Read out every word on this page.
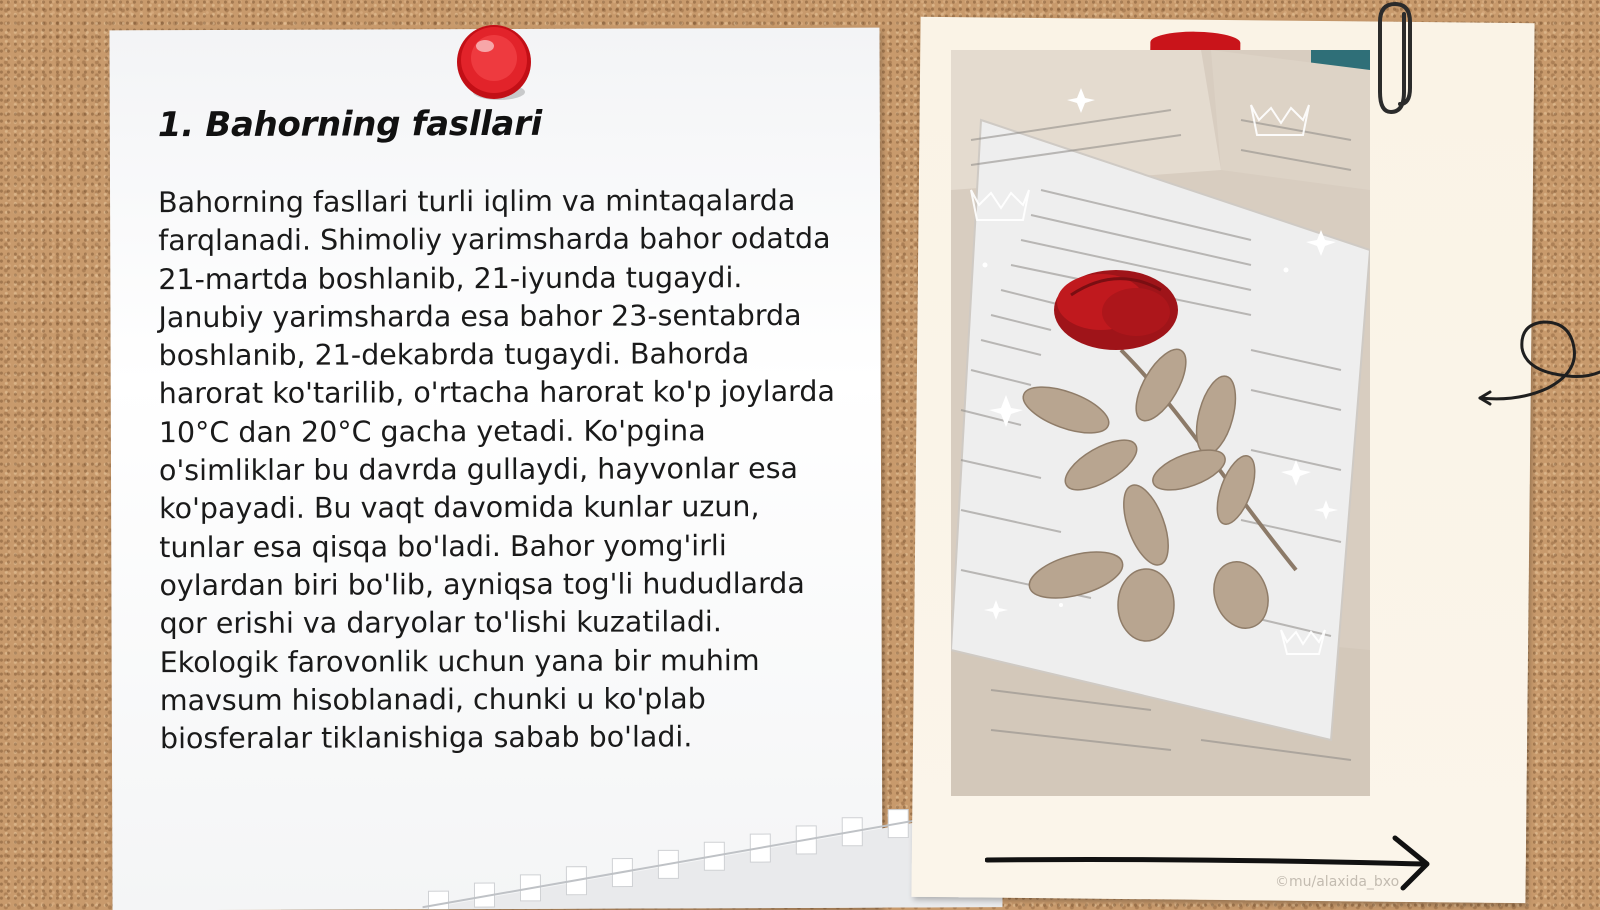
1. Bahorning fasllari

Bahorning fasllari turli iqlim va mintaqalarda farqlanadi. Shimoliy yarimsharda bahor odatda 21-martda boshlanib, 21-iyunda tugaydi. Janubiy yarimsharda esa bahor 23-sentabrda boshlanib, 21-dekabrda tugaydi. Bahorda harorat ko'tarilib, o'rtacha harorat ko'p joylarda 10°C dan 20°C gacha yetadi. Ko'pgina o'simliklar bu davrda gullaydi, hayvonlar esa ko'payadi. Bu vaqt davomida kunlar uzun, tunlar esa qisqa bo'ladi. Bahor yomg'irli oylardan biri bo'lib, ayniqsa tog'li hududlarda qor erishi va daryolar to'lishi kuzatiladi. Ekologik farovonlik uchun yana bir muhim mavsum hisoblanadi, chunki u ko'plab biosferalar tiklanishiga sabab bo'ladi.

©mu/alaxida_bxo
